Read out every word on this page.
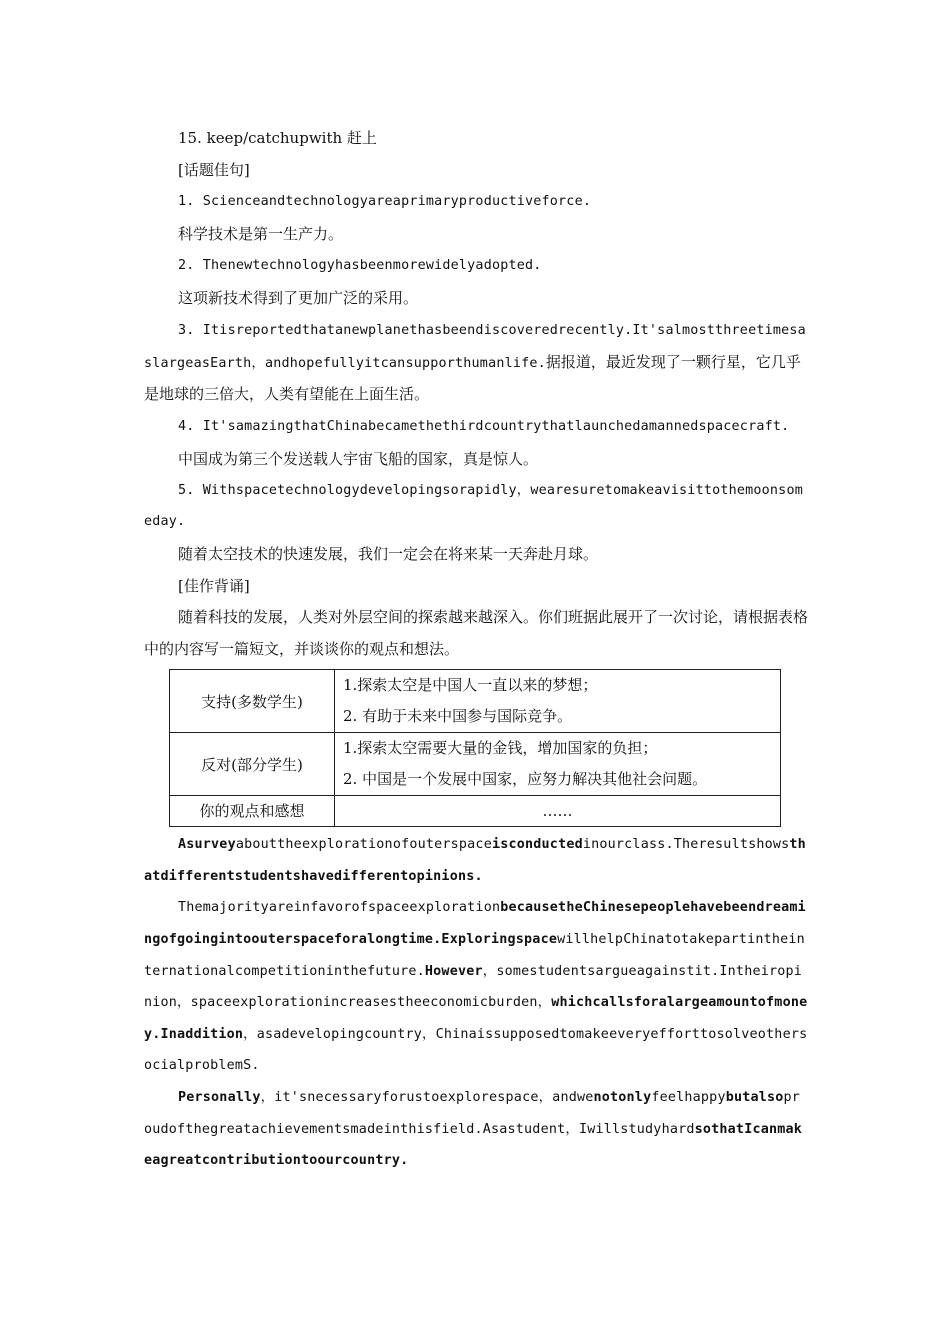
15. keep/catchupwith 赶上
[话题佳句]
1. Scienceandtechnologyareaprimaryproductiveforce.
科学技术是第一生产力。
2. Thenewtechnologyhasbeenmorewidelyadopted.
这项新技术得到了更加广泛的采用。
3. Itisreportedthatanewplanethasbeendiscoveredrecently.It'salmostthreetimesaslargeasEarth，andhopefullyitcansupporthumanlife.据报道，最近发现了一颗行星，它几乎是地球的三倍大，人类有望能在上面生活。
4. It'samazingthatChinabecamethethirdcountrythatlaunchedamannedspacecraft.
中国成为第三个发送载人宇宙飞船的国家，真是惊人。
5. Withspacetechnologydevelopingsorapidly，wearesuretomakeavisittothemoonsomeday.
随着太空技术的快速发展，我们一定会在将来某一天奔赴月球。
[佳作背诵]
随着科技的发展，人类对外层空间的探索越来越深入。你们班据此展开了一次讨论，请根据表格中的内容写一篇短文，并谈谈你的观点和想法。
支持(多数学生)	1.探索太空是中国人一直以来的梦想；
2. 有助于未来中国参与国际竞争。

反对(部分学生)	1.探索太空需要大量的金钱，增加国家的负担；
2. 中国是一个发展中国家，应努力解决其他社会问题。

你的观点和感想	……
Asurveyabouttheexplorationofouterspaceisconductedinourclass.Theresultshowsthatdifferentstudentshavedifferentopinions.
ThemajorityareinfavorofspaceexplorationbecausetheChinesepeoplehavebeendreamingofgoingintoouterspaceforalongtime.ExploringspacewillhelpChinatotakepartintheinternationalcompetitioninthefuture.However，somestudentsargueagainstit.Intheiropinion，spaceexplorationincreasestheeconomicburden，whichcallsforalargeamountofmoney.Inaddition，asadevelopingcountry，ChinaissupposedtomakeeveryefforttosolveothersocialproblemS.
Personally，it'snecessaryforustoexplorespace，andwenotonlyfeelhappybutalsoproudofthegreatachievementsmadeinthisfield.Asastudent，IwillstudyhardsothatIcanmakeagreatcontributiontoourcountry.
